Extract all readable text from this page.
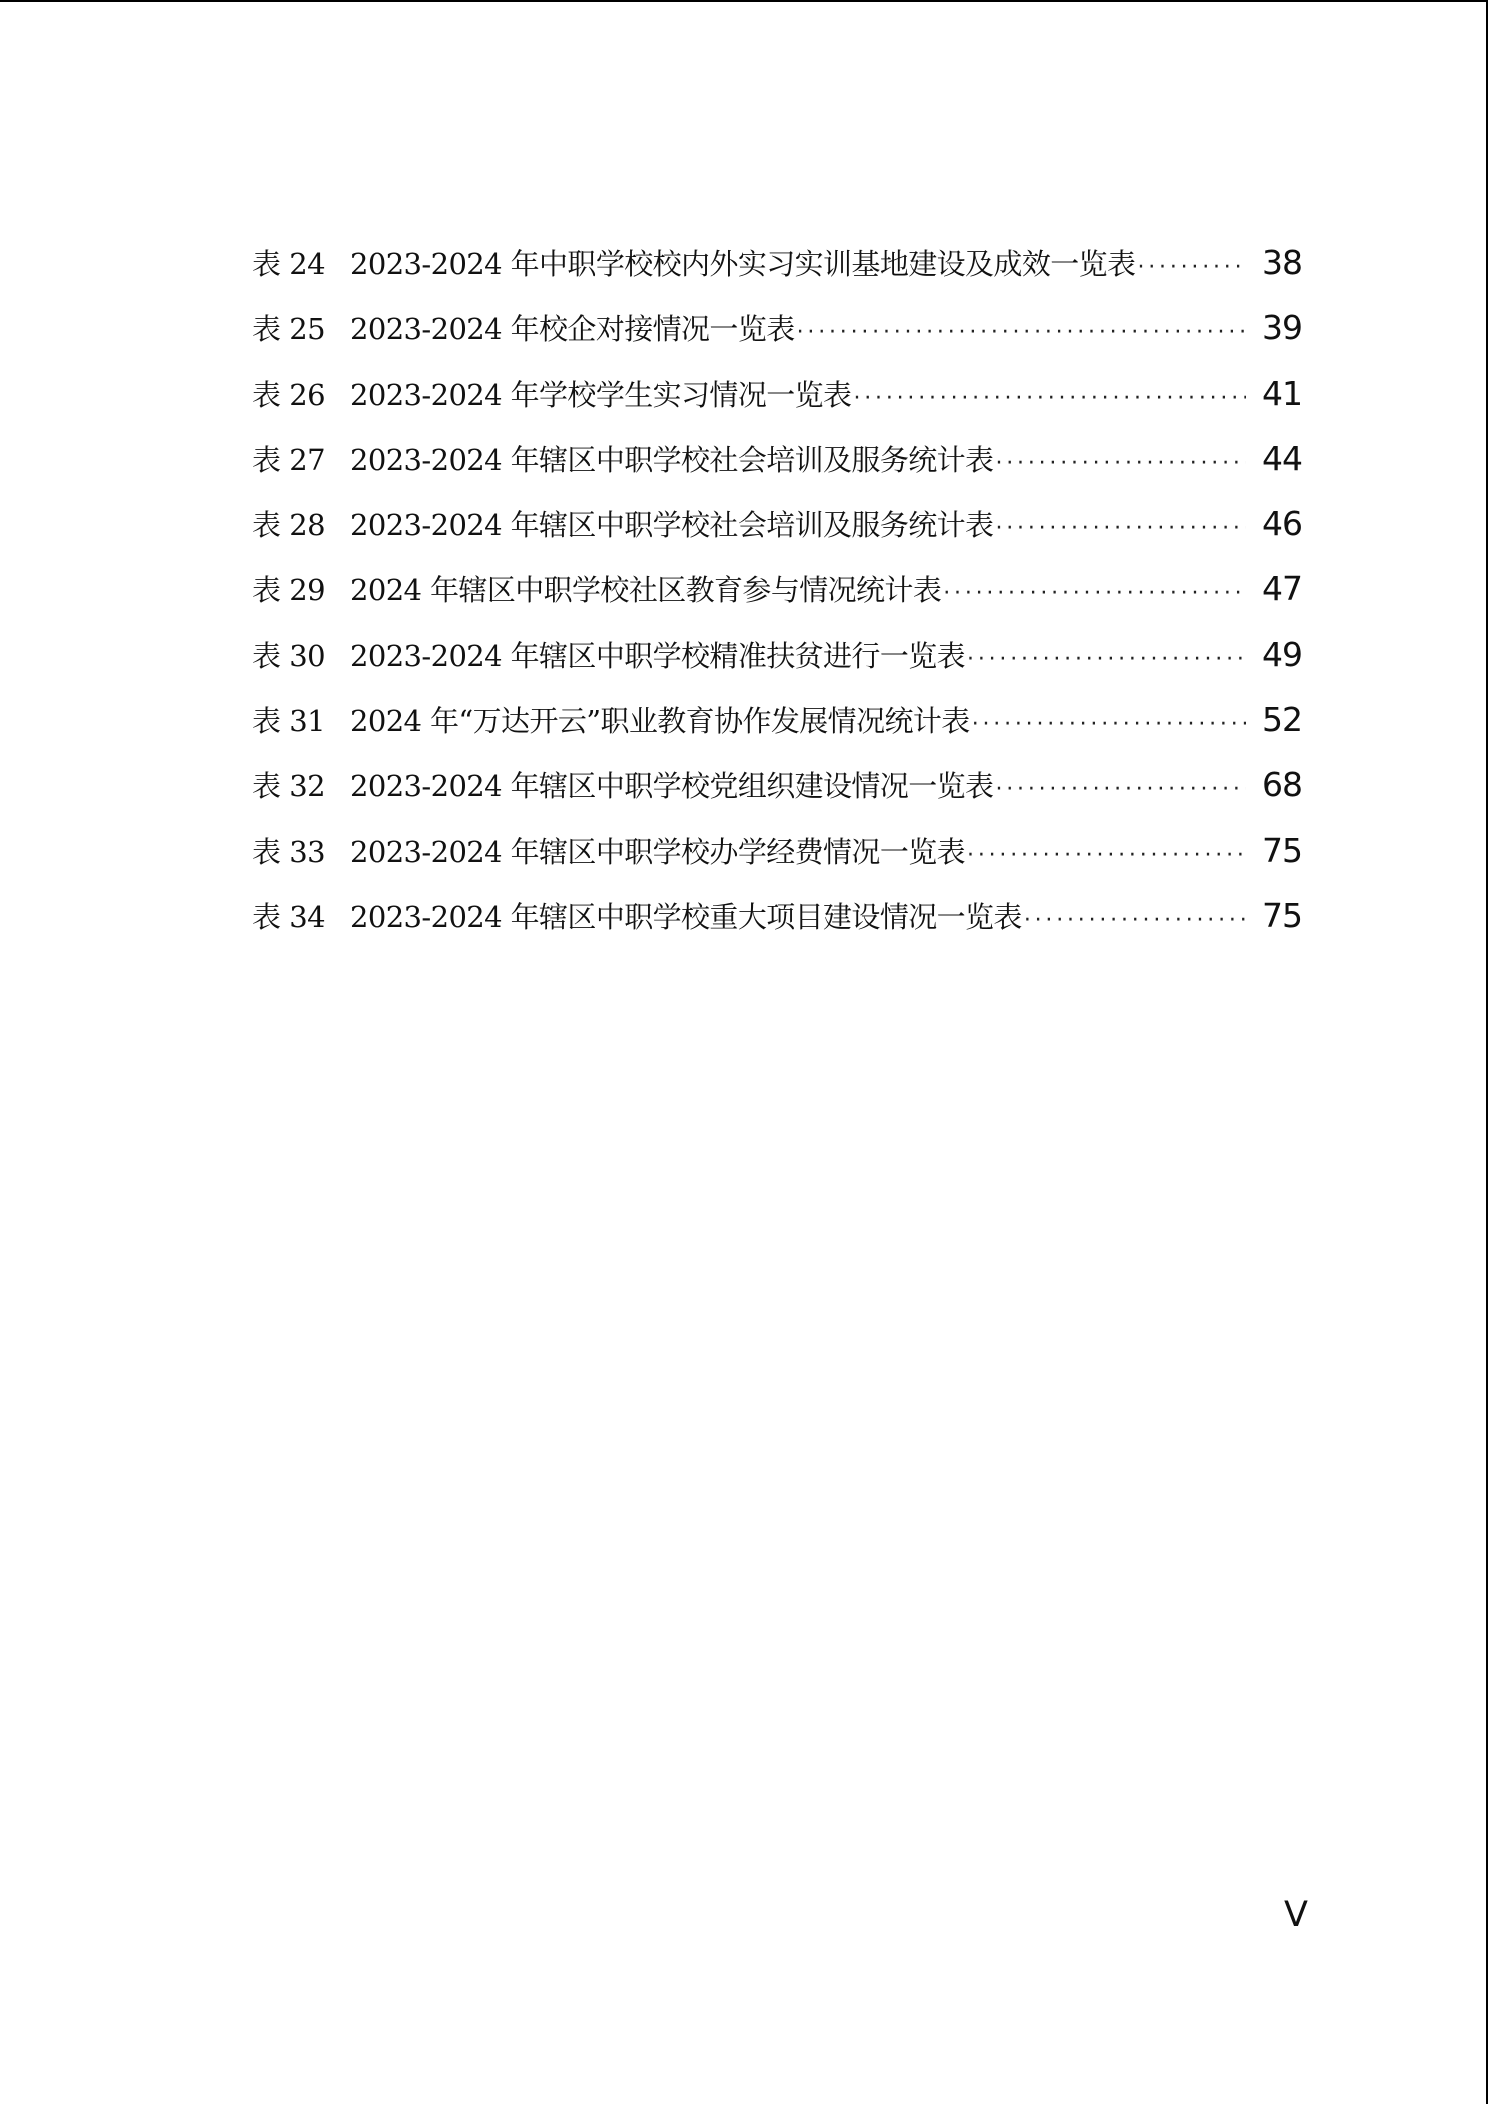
表 24 2023-2024 年中职学校校内外实习实训基地建设及成效一览表 ·····	38
表 25 2023-2024 年校企对接情况一览表 ·····	39
表 26 2023-2024 年学校学生实习情况一览表 ·····	41
表 27 2023-2024 年辖区中职学校社会培训及服务统计表 ·····	44
表 28 2023-2024 年辖区中职学校社会培训及服务统计表 ·····	46
表 29 2024 年辖区中职学校社区教育参与情况统计表 ·····	47
表 30 2023-2024 年辖区中职学校精准扶贫进行一览表 ·····	49
表 31 2024 年“万达开云”职业教育协作发展情况统计表 ·····	52
表 32 2023-2024 年辖区中职学校党组织建设情况一览表 ·····	68
表 33 2023-2024 年辖区中职学校办学经费情况一览表 ·····	75
表 34 2023-2024 年辖区中职学校重大项目建设情况一览表 ·····	75
V
